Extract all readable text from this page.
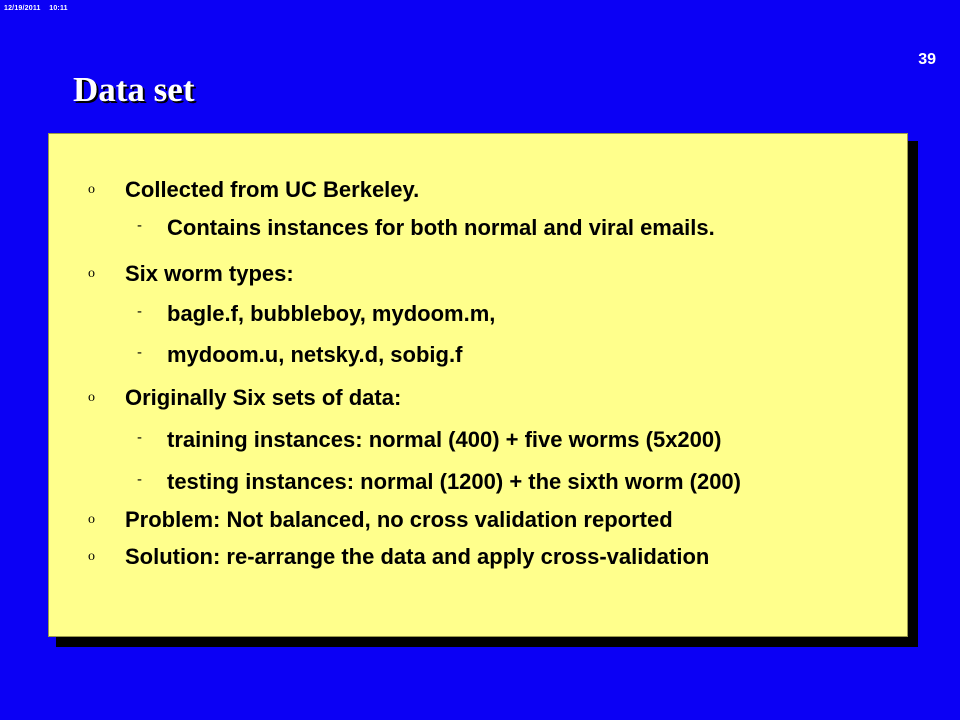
12/19/2011 10:11
39
Data set
o Collected from UC Berkeley.
- Contains instances for both normal and viral emails.
o Six worm types:
- bagle.f, bubbleboy, mydoom.m,
- mydoom.u, netsky.d, sobig.f
o Originally Six sets of data:
- training instances: normal (400) + five worms (5x200)
- testing instances: normal (1200) + the sixth worm (200)
o Problem: Not balanced, no cross validation reported
o Solution: re-arrange the data and apply cross-validation
